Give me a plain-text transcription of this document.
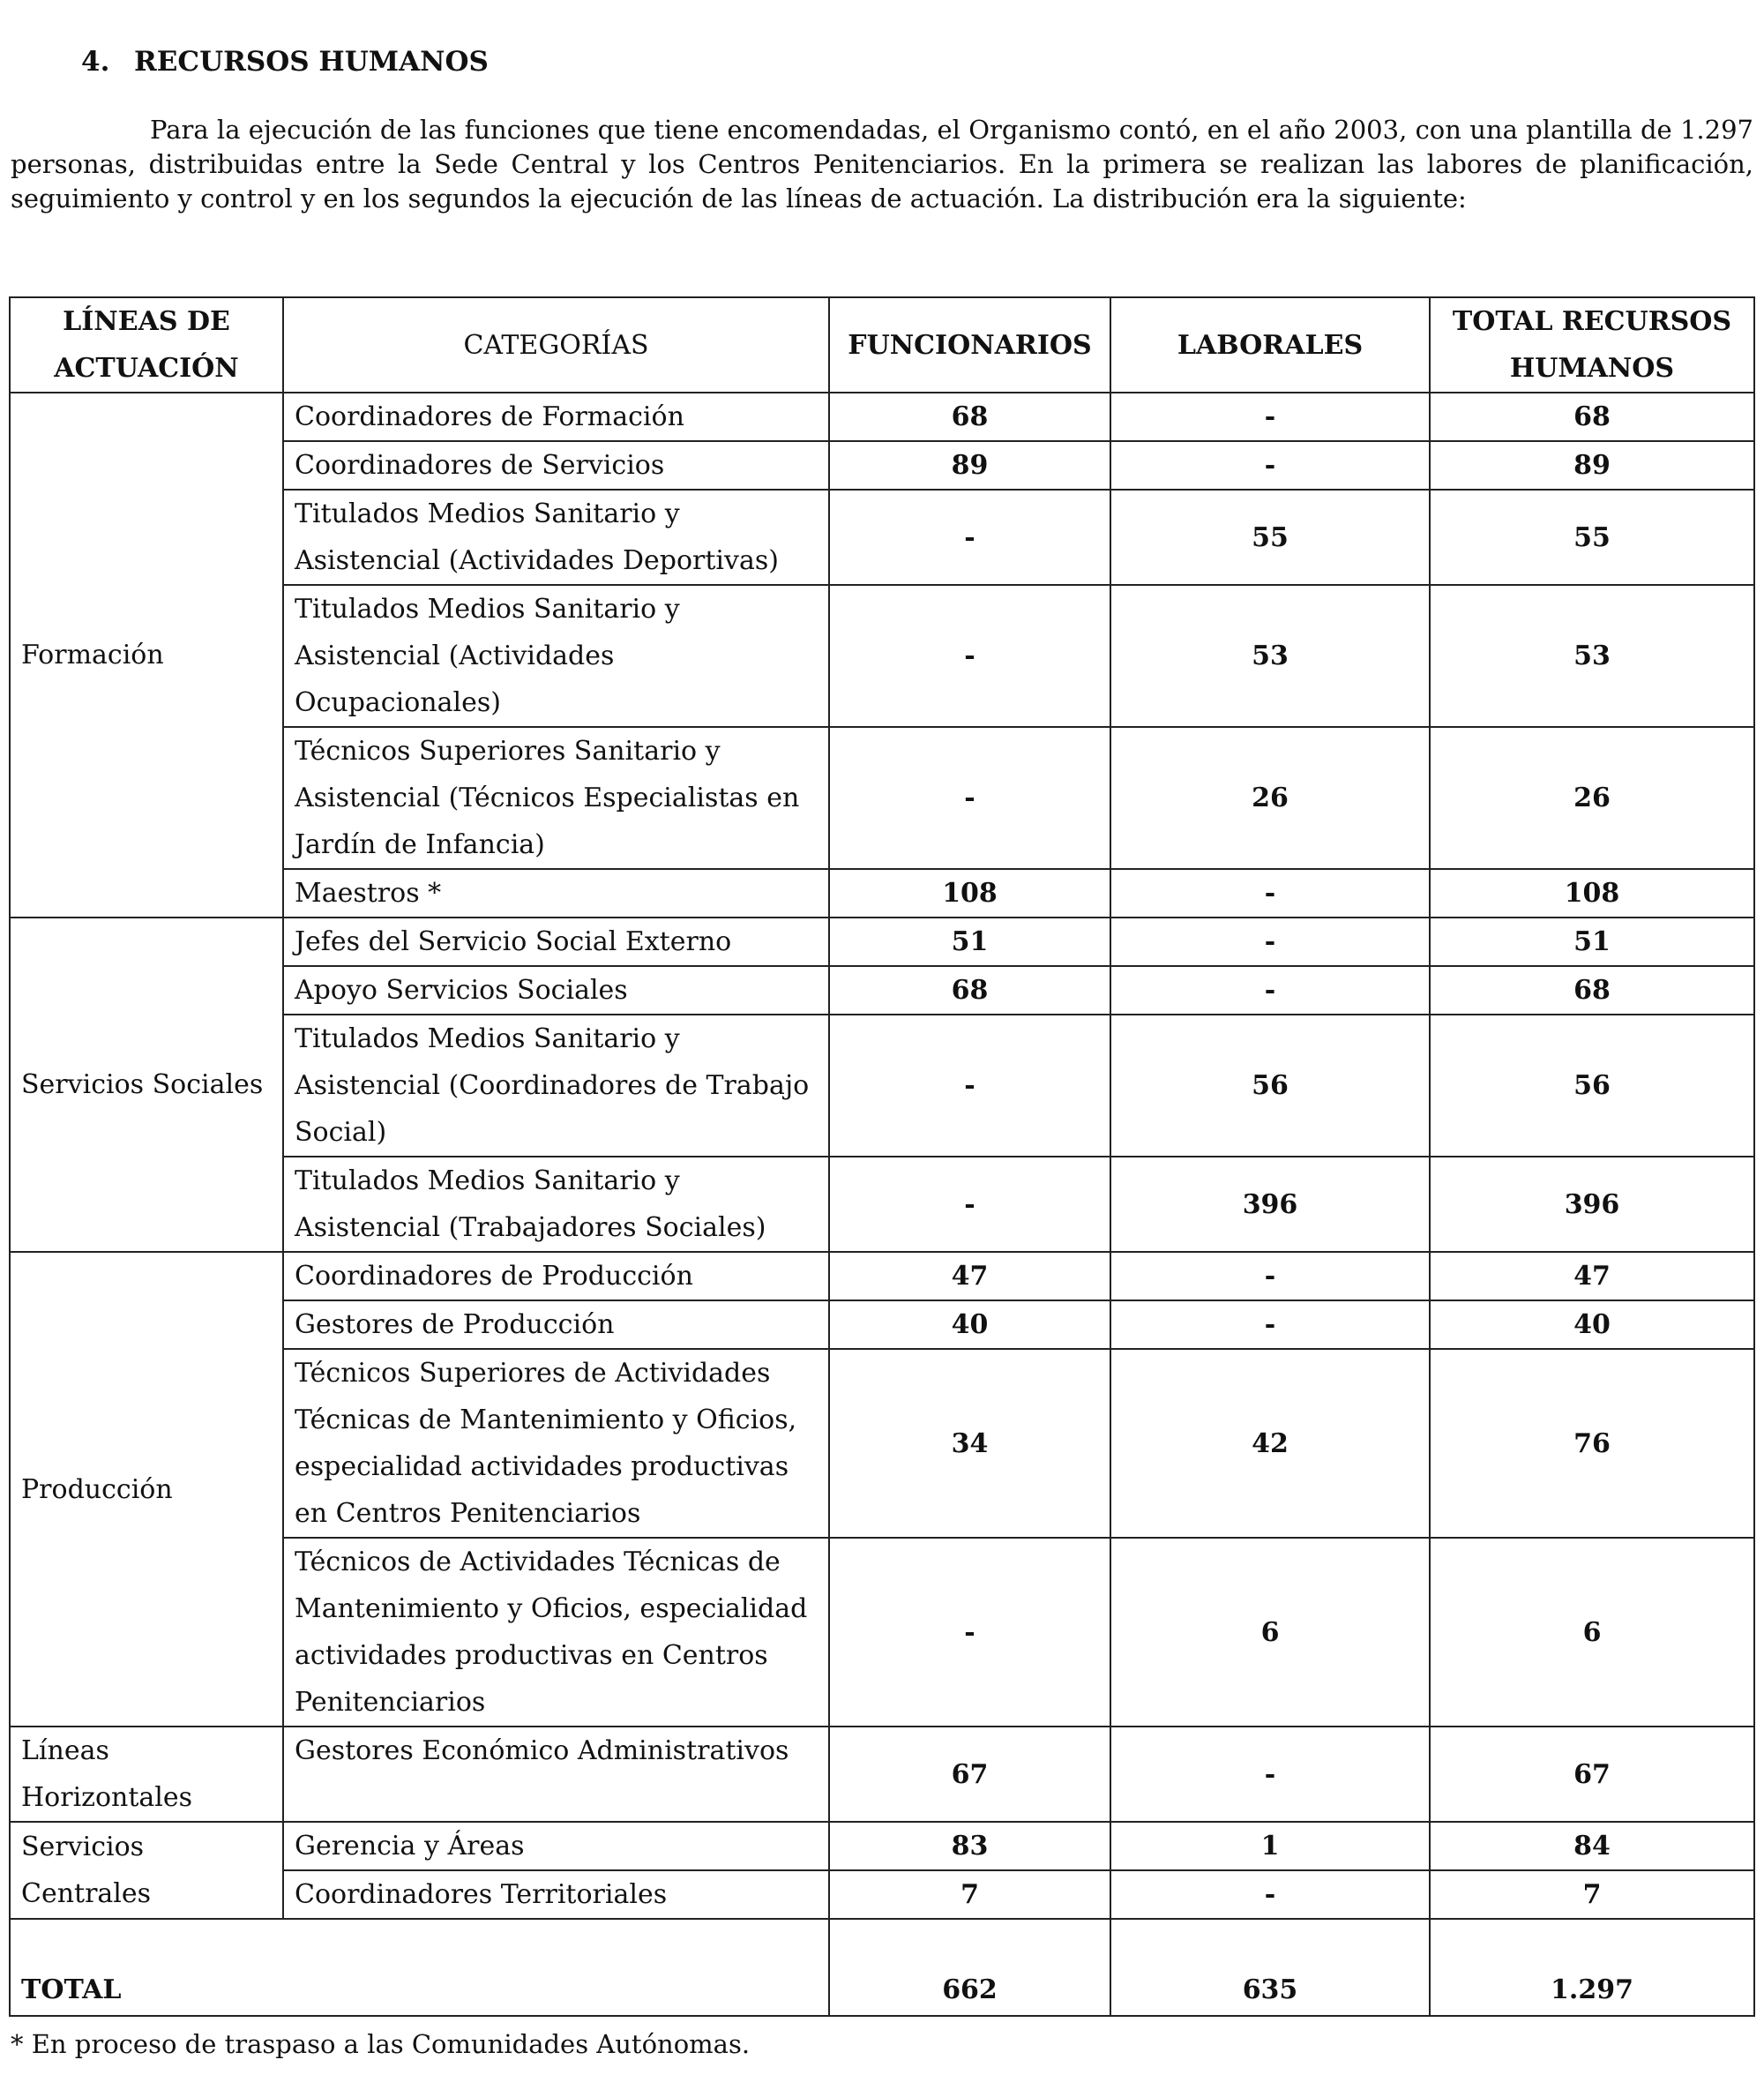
4. RECURSOS HUMANOS

Para la ejecución de las funciones que tiene encomendadas, el Organismo contó, en el año 2003, con una plantilla de 1.297 personas, distribuidas entre la Sede Central y los Centros Penitenciarios. En la primera se realizan las labores de planificación, seguimiento y control y en los segundos la ejecución de las líneas de actuación. La distribución era la siguiente:

LÍNEAS DE ACTUACIÓN	CATEGORÍAS	FUNCIONARIOS	LABORALES	TOTAL RECURSOS HUMANOS
Formación	Coordinadores de Formación	68	-	68
	Coordinadores de Servicios	89	-	89
	Titulados Medios Sanitario y Asistencial (Actividades Deportivas)	-	55	55
	Titulados Medios Sanitario y Asistencial (Actividades Ocupacionales)	-	53	53
	Técnicos Superiores Sanitario y Asistencial (Técnicos Especialistas en Jardín de Infancia)	-	26	26
	Maestros *	108	-	108
Servicios Sociales	Jefes del Servicio Social Externo	51	-	51
	Apoyo Servicios Sociales	68	-	68
	Titulados Medios Sanitario y Asistencial (Coordinadores de Trabajo Social)	-	56	56
	Titulados Medios Sanitario y Asistencial (Trabajadores Sociales)	-	396	396
Producción	Coordinadores de Producción	47	-	47
	Gestores de Producción	40	-	40
	Técnicos Superiores de Actividades Técnicas de Mantenimiento y Oficios, especialidad actividades productivas en Centros Penitenciarios	34	42	76
	Técnicos de Actividades Técnicas de Mantenimiento y Oficios, especialidad actividades productivas en Centros Penitenciarios	-	6	6
Líneas Horizontales	Gestores Económico Administrativos	67	-	67
Servicios Centrales	Gerencia y Áreas	83	1	84
	Coordinadores Territoriales	7	-	7
TOTAL		662	635	1.297
* En proceso de traspaso a las Comunidades Autónomas.
